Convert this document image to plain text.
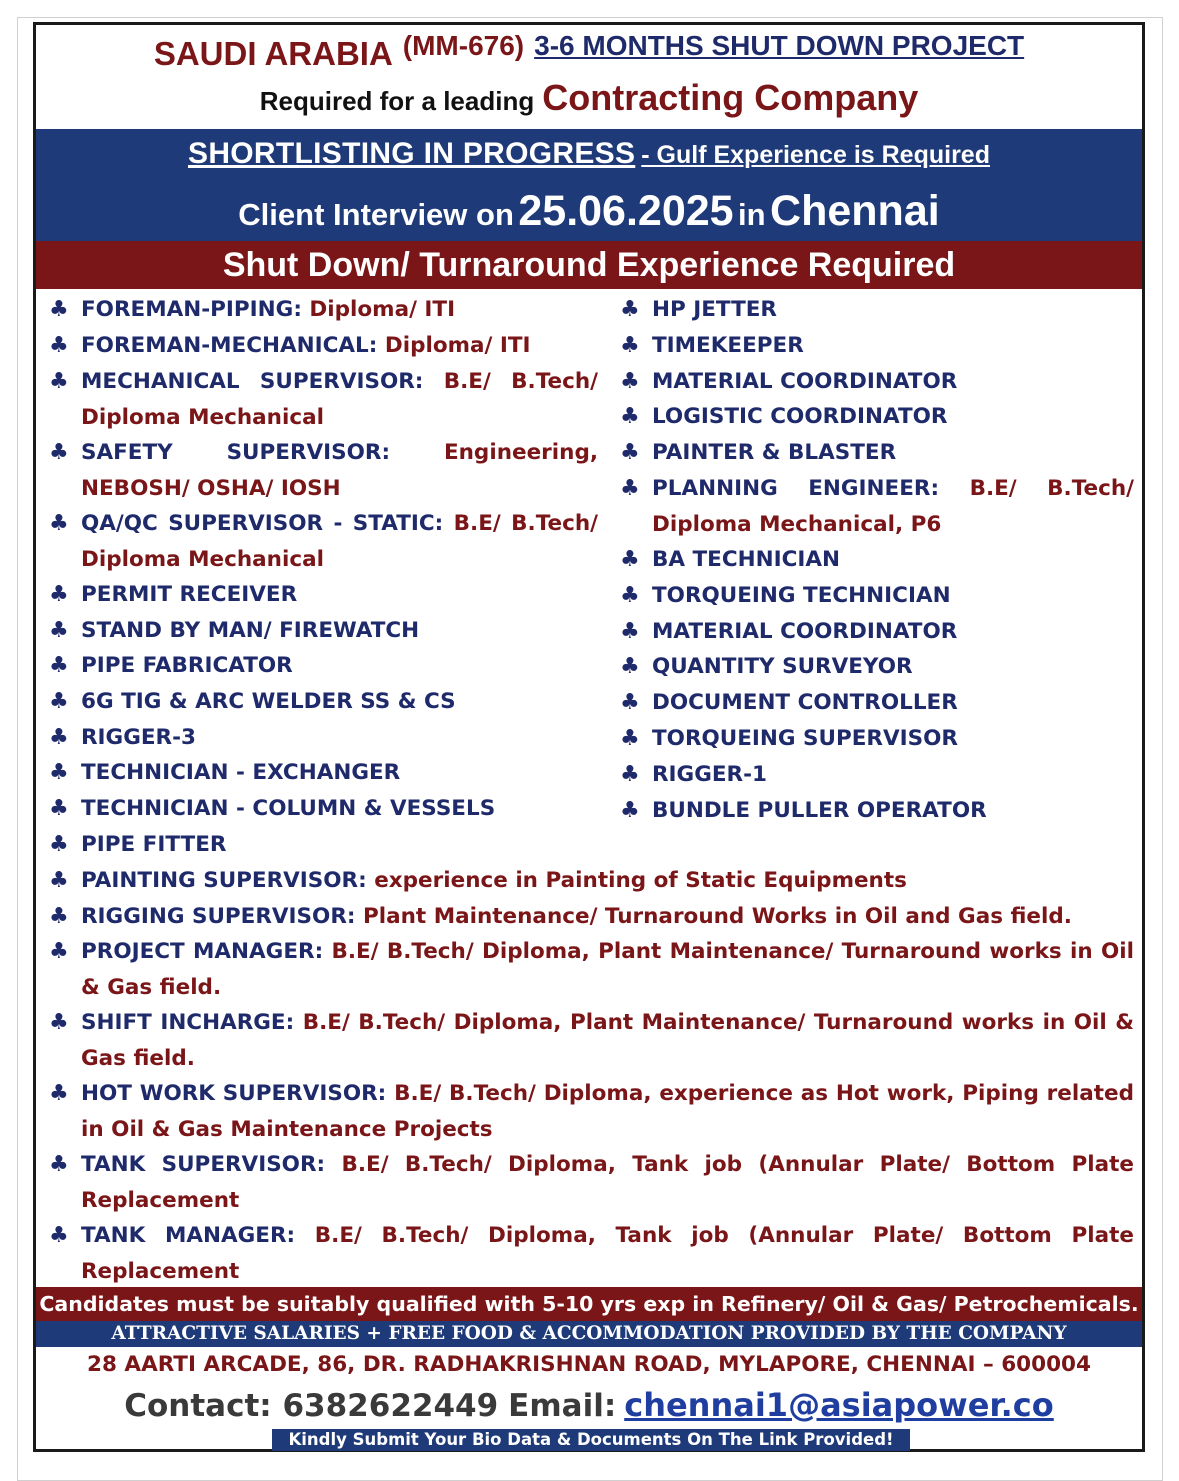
SAUDI ARABIA (MM-676) 3-6 MONTHS SHUT DOWN PROJECT
Required for a leading Contracting Company
SHORTLISTING IN PROGRESS - Gulf Experience is Required
Client Interview on 25.06.2025 in Chennai
Shut Down/ Turnaround Experience Required
♣ FOREMAN-PIPING: Diploma/ ITI
♣ FOREMAN-MECHANICAL: Diploma/ ITI
♣ MECHANICAL SUPERVISOR: B.E/ B.Tech/ Diploma Mechanical
♣ SAFETY SUPERVISOR:	Engineering, NEBOSH/ OSHA/ IOSH
♣ QA/QC SUPERVISOR - STATIC: B.E/ B.Tech/ Diploma Mechanical
♣ PERMIT RECEIVER
♣ STAND BY MAN/ FIREWATCH
♣ PIPE FABRICATOR
♣ 6G TIG & ARC WELDER SS & CS
♣ RIGGER-3
♣ TECHNICIAN - EXCHANGER
♣ TECHNICIAN - COLUMN & VESSELS
♣ PIPE FITTER
♣ HP JETTER
♣ TIMEKEEPER
♣ MATERIAL COORDINATOR
♣ LOGISTIC COORDINATOR
♣ PAINTER & BLASTER
♣ PLANNING ENGINEER: B.E/ B.Tech/ Diploma Mechanical, P6
♣ BA TECHNICIAN
♣ TORQUEING TECHNICIAN
♣ MATERIAL COORDINATOR
♣ QUANTITY SURVEYOR
♣ DOCUMENT CONTROLLER
♣ TORQUEING SUPERVISOR
♣ RIGGER-1
♣ BUNDLE PULLER OPERATOR
♣ PAINTING SUPERVISOR: experience in Painting of Static Equipments
♣ RIGGING SUPERVISOR: Plant Maintenance/ Turnaround Works in Oil and Gas field.
♣ PROJECT MANAGER: B.E/ B.Tech/ Diploma, Plant Maintenance/ Turnaround works in Oil & Gas field.
♣ SHIFT INCHARGE: B.E/ B.Tech/ Diploma, Plant Maintenance/ Turnaround works in Oil & Gas field.
♣ HOT WORK SUPERVISOR: B.E/ B.Tech/ Diploma, experience as Hot work, Piping related in Oil & Gas Maintenance Projects
♣ TANK SUPERVISOR: B.E/ B.Tech/ Diploma, Tank job (Annular Plate/ Bottom Plate Replacement
♣ TANK MANAGER: B.E/ B.Tech/ Diploma, Tank job (Annular Plate/ Bottom Plate Replacement
Candidates must be suitably qualified with 5-10 yrs exp in Refinery/ Oil & Gas/ Petrochemicals.
ATTRACTIVE SALARIES + FREE FOOD & ACCOMMODATION PROVIDED BY THE COMPANY
28 AARTI ARCADE, 86, DR. RADHAKRISHNAN ROAD, MYLAPORE, CHENNAI – 600004
Contact: 6382622449 Email: chennai1@asiapower.co
Kindly Submit Your Bio Data & Documents On The Link Provided!
